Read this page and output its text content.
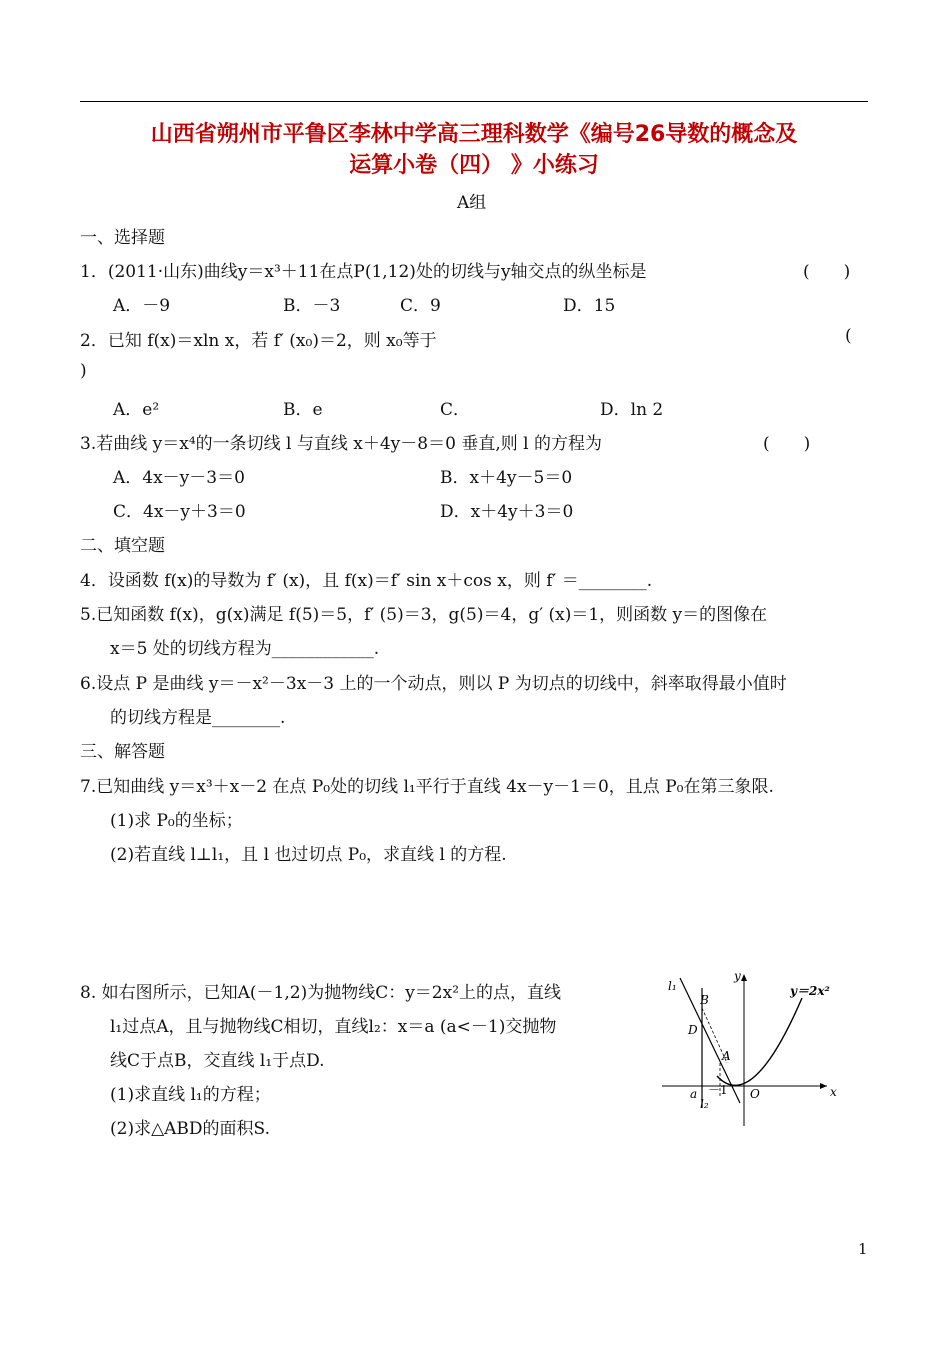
山西省朔州市平鲁区李林中学高三理科数学《编号26导数的概念及
运算小卷（四） 》小练习
A组
一、选择题
1．(2011·山东)曲线y＝x³＋11在点P(1,12)处的切线与y轴交点的纵坐标是	(　　)
A．－9	B．－3	C．9	D．15
2．已知 f(x)＝xln x，若 f′ (x₀)＝2，则 x₀等于	(
)
A．e²	B．e	C．	D．ln 2
3.若曲线 y＝x⁴的一条切线 l 与直线 x＋4y－8＝0 垂直,则 l 的方程为	(　　)
A．4x－y－3＝0	B．x＋4y－5＝0
C．4x－y＋3＝0	D．x＋4y＋3＝0
二、填空题
4．设函数 f(x)的导数为 f′ (x)，且 f(x)＝f′ sin x＋cos x，则 f′ ＝________.
5.已知函数 f(x)，g(x)满足 f(5)＝5，f′ (5)＝3，g(5)＝4，g′ (x)＝1，则函数 y＝的图像在
x＝5 处的切线方程为____________.
6.设点 P 是曲线 y＝－x²－3x－3 上的一个动点，则以 P 为切点的切线中，斜率取得最小值时
的切线方程是________.
三、解答题
7.已知曲线 y＝x³＋x－2 在点 P₀处的切线 l₁平行于直线 4x－y－1＝0，且点 P₀在第三象限.
(1)求 P₀的坐标；
(2)若直线 l⊥l₁，且 l 也过切点 P₀，求直线 l 的方程.
8. 如右图所示，已知A(－1,2)为抛物线C：y＝2x²上的点，直线
l₁过点A，且与抛物线C相切，直线l₂：x＝a (a<－1)交抛物
线C于点B，交直线 l₁于点D.
(1)求直线 l₁的方程；
(2)求△ABD的面积S.
y＝2x²
x
y
O
A
B
D
l₁
l₂
a －1
1
